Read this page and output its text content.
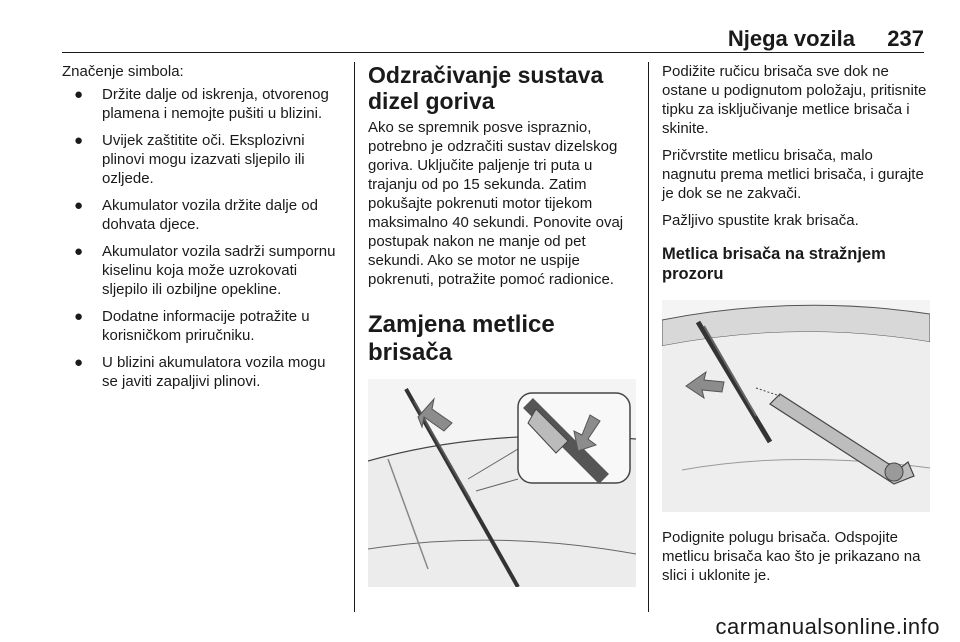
Njega vozila 237

Značenje simbola:

● Držite dalje od iskrenja, otvorenog plamena i nemojte pušiti u blizini.
● Uvijek zaštitite oči. Eksplozivni plinovi mogu izazvati sljepilo ili ozljede.
● Akumulator vozila držite dalje od dohvata djece.
● Akumulator vozila sadrži sumpornu kiselinu koja može uzrokovati sljepilo ili ozbiljne opekline.
● Dodatne informacije potražite u korisničkom priručniku.
● U blizini akumulatora vozila mogu se javiti zapaljivi plinovi.
Odzračivanje sustava dizel goriva

Ako se spremnik posve ispraznio, potrebno je odzračiti sustav dizelskog goriva. Uključite paljenje tri puta u trajanju od po 15 sekunda. Zatim pokušajte pokrenuti motor tijekom maksimalno 40 sekundi. Ponovite ovaj postupak nakon ne manje od pet sekundi. Ako se motor ne uspije pokrenuti, potražite pomoć radionice.

Zamjena metlice brisača

Podižite ručicu brisača sve dok ne ostane u podignutom položaju, pritisnite tipku za isključivanje metlice brisača i skinite.

Pričvrstite metlicu brisača, malo nagnutu prema metlici brisača, i gurajte je dok se ne zakvači.

Pažljivo spustite krak brisača.

Metlica brisača na stražnjem prozoru

Podignite polugu brisača. Odspojite metlicu brisača kao što je prikazano na slici i uklonite je.

carmanualsonline.info
